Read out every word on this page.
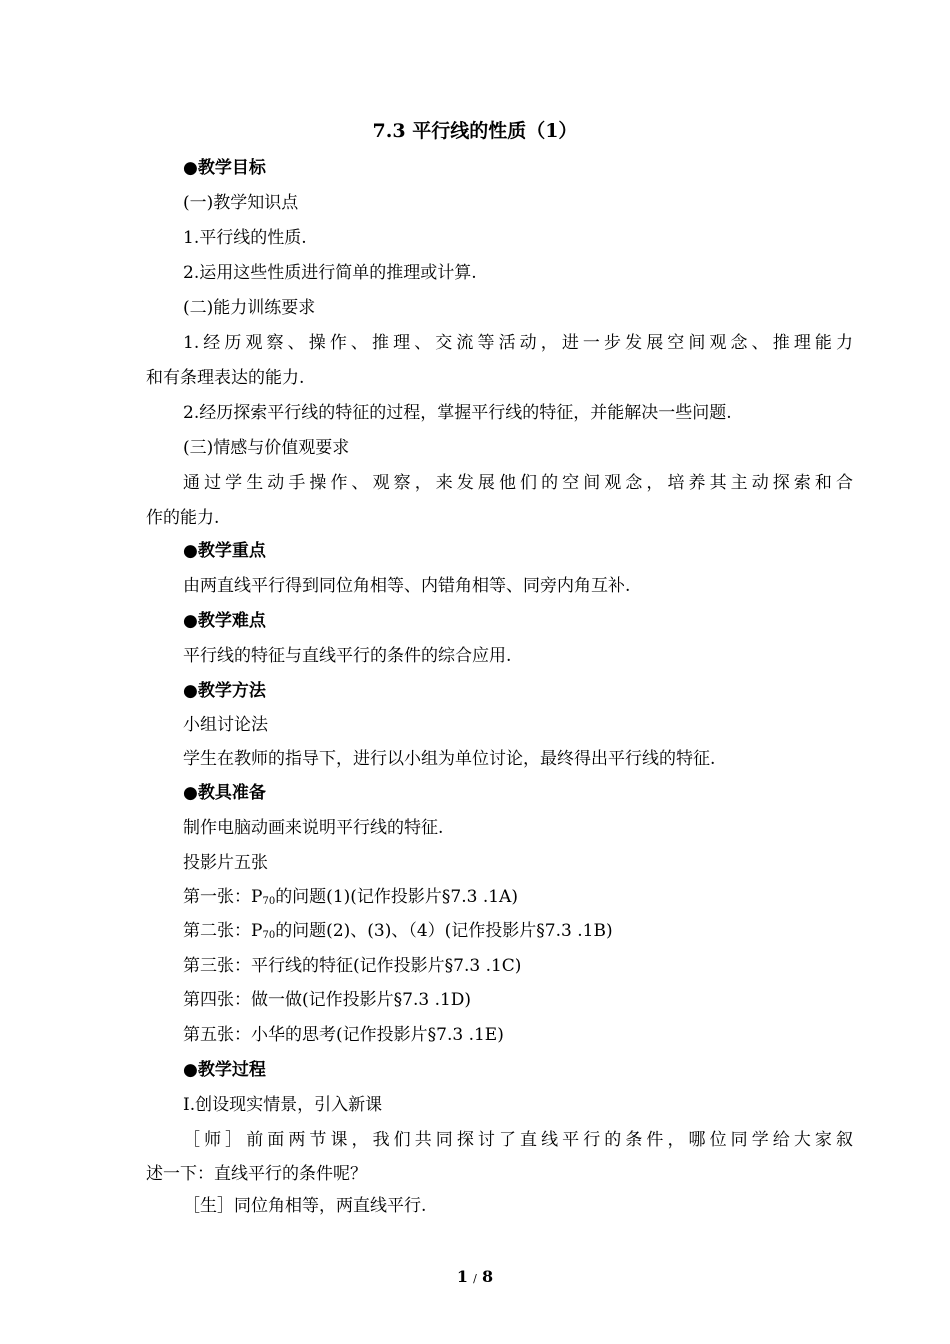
7.3 平行线的性质（1）
●教学目标
(一)教学知识点
1.平行线的性质.
2.运用这些性质进行简单的推理或计算.
(二)能力训练要求
1.经历观察、操作、推理、交流等活动，进一步发展空间观念、推理能力
和有条理表达的能力.
2.经历探索平行线的特征的过程，掌握平行线的特征，并能解决一些问题.
(三)情感与价值观要求
通过学生动手操作、观察，来发展他们的空间观念，培养其主动探索和合
作的能力.
●教学重点
由两直线平行得到同位角相等、内错角相等、同旁内角互补.
●教学难点
平行线的特征与直线平行的条件的综合应用.
●教学方法
小组讨论法
学生在教师的指导下，进行以小组为单位讨论，最终得出平行线的特征.
●教具准备
制作电脑动画来说明平行线的特征.
投影片五张
第一张：$P_{70}$的问题(1)(记作投影片§7.3 .1A)
第二张：$P_{70}$的问题(2)、(3)、（4）(记作投影片§7.3 .1B)
第三张：平行线的特征(记作投影片§7.3 .1C)
第四张：做一做(记作投影片§7.3 .1D)
第五张：小华的思考(记作投影片§7.3 .1E)
●教学过程
Ⅰ.创设现实情景，引入新课
［师］前面两节课，我们共同探讨了直线平行的条件，哪位同学给大家叙
述一下：直线平行的条件呢？
［生］同位角相等，两直线平行.
1 / 8
